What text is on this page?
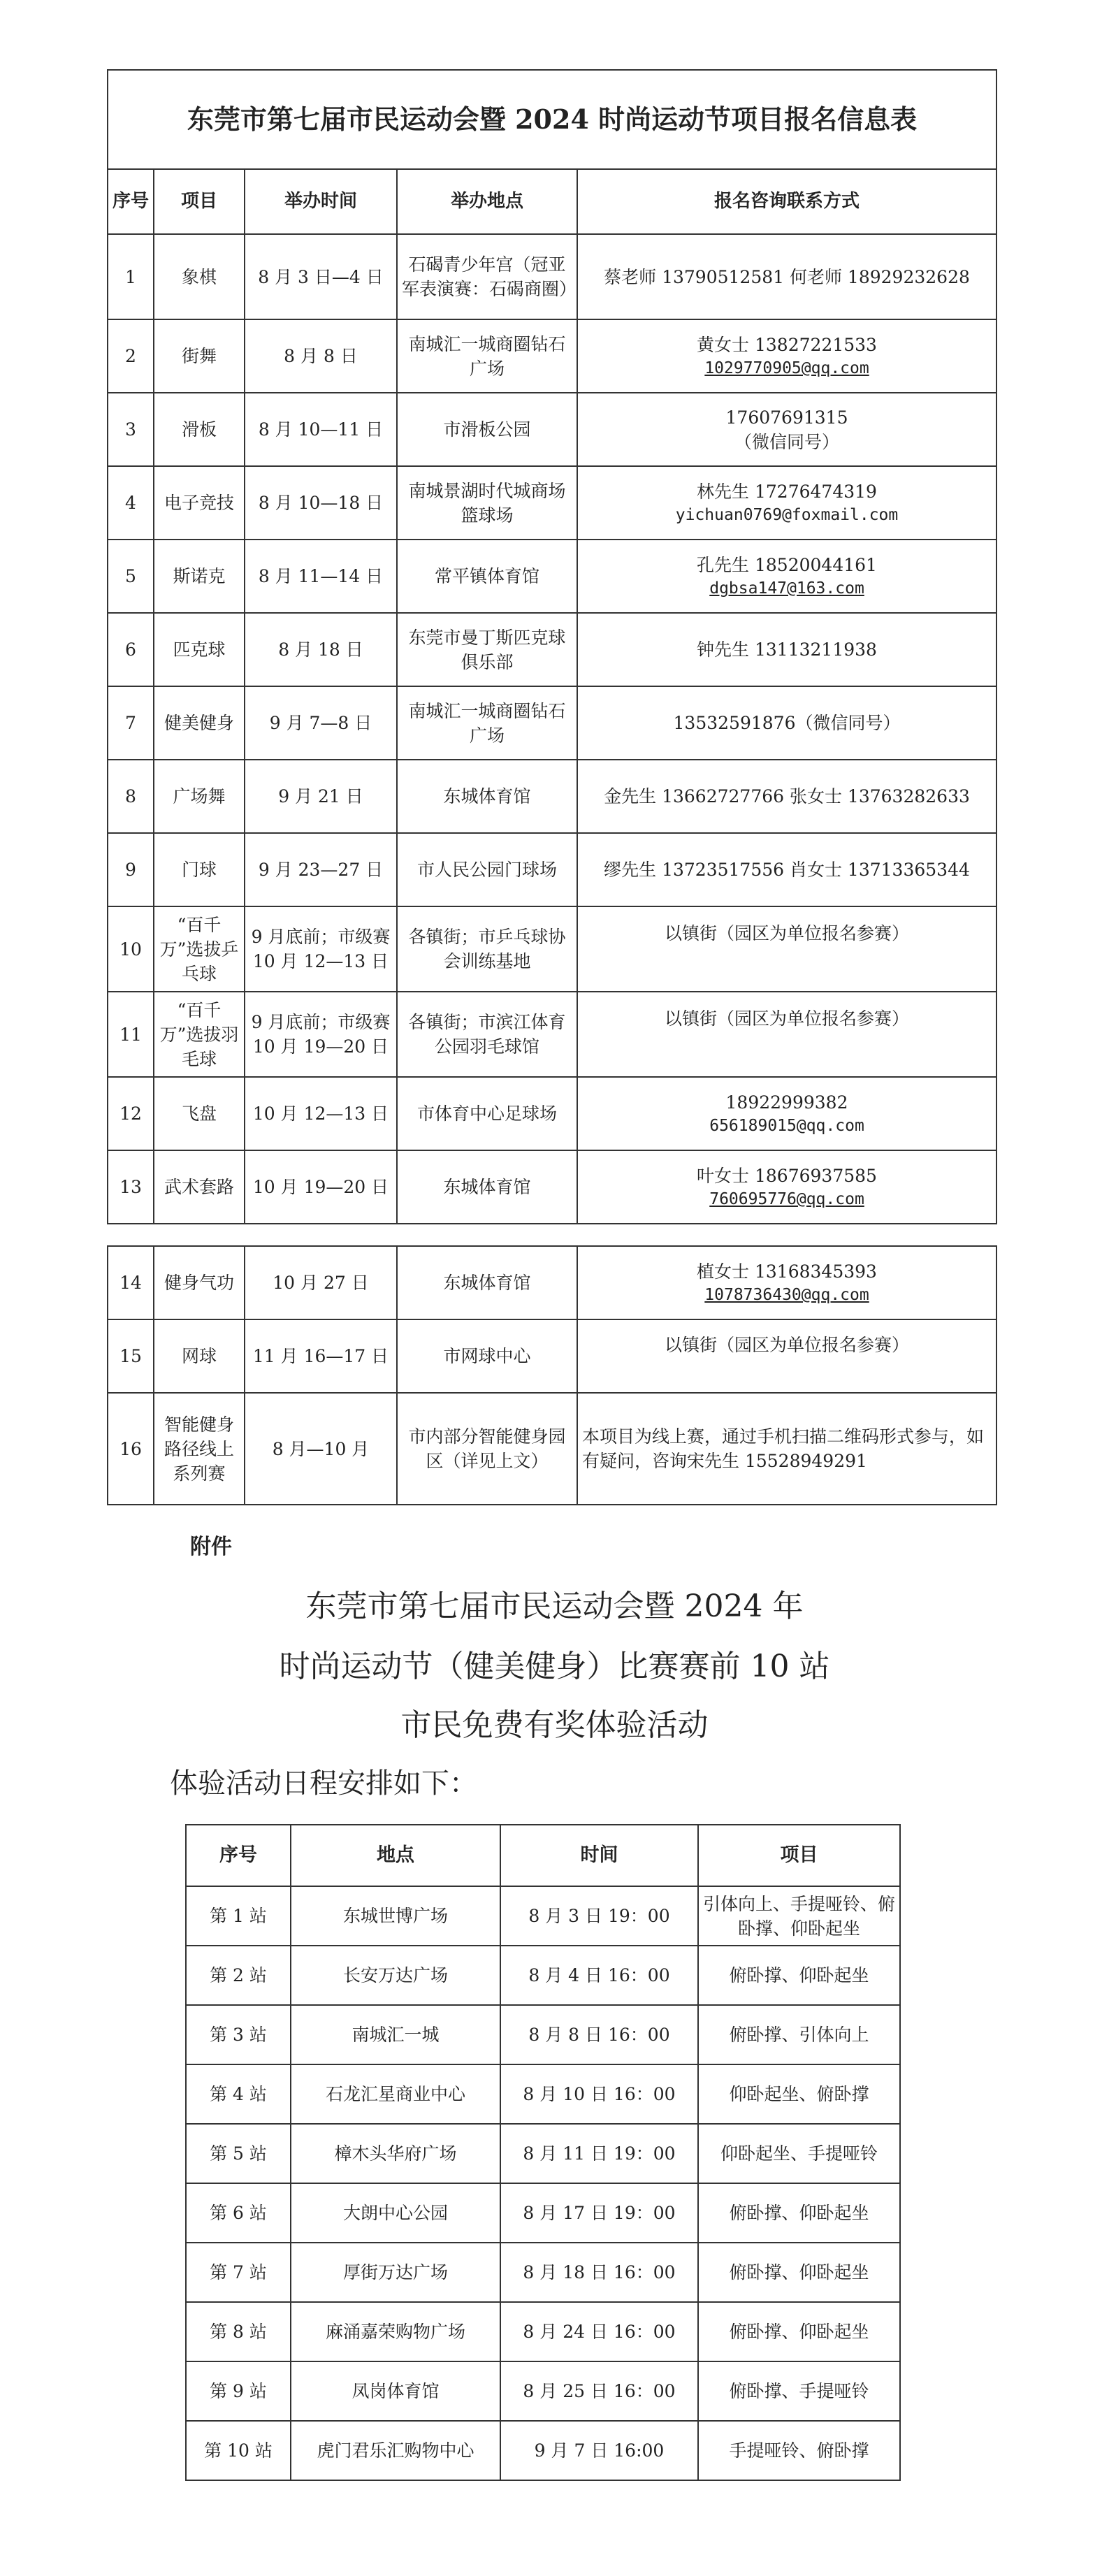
东莞市第七届市民运动会暨 2024 时尚运动节项目报名信息表				
序号	项目	举办时间	举办地点	报名咨询联系方式
1	象棋	8 月 3 日—4 日	石碣青少年宫（冠亚军表演赛：石碣商圈）	蔡老师 13790512581 何老师 18929232628

2	街舞	8 月 8 日	南城汇一城商圈钻石广场	黄女士 13827221533
1029770905@qq.com

3	滑板	8 月 10—11 日	市滑板公园	17607691315
（微信同号）

4	电子竞技	8 月 10—18 日	南城景湖时代城商场篮球场	林先生 17276474319
yichuan0769@foxmail.com

5	斯诺克	8 月 11—14 日	常平镇体育馆	孔先生 18520044161
dgbsa147@163.com

6	匹克球	8 月 18 日	东莞市曼丁斯匹克球俱乐部	钟先生 13113211938

7	健美健身	9 月 7—8 日	南城汇一城商圈钻石广场	13532591876（微信同号）

8	广场舞	9 月 21 日	东城体育馆	金先生 13662727766 张女士 13763282633

9	门球	9 月 23—27 日	市人民公园门球场	缪先生 13723517556 肖女士 13713365344

10	“百千万”选拔乒乓球	9 月底前；市级赛 10 月 12—13 日	各镇街；市乒乓球协会训练基地	以镇街（园区为单位报名参赛）

11	“百千万”选拔羽毛球	9 月底前；市级赛 10 月 19—20 日	各镇街；市滨江体育公园羽毛球馆	以镇街（园区为单位报名参赛）

12	飞盘	10 月 12—13 日	市体育中心足球场	18922999382
656189015@qq.com

13	武术套路	10 月 19—20 日	东城体育馆	叶女士 18676937585
760695776@qq.com
14	健身气功	10 月 27 日	东城体育馆	植女士 13168345393
1078736430@qq.com

15	网球	11 月 16—17 日	市网球中心	以镇街（园区为单位报名参赛）

16	智能健身路径线上系列赛	8 月—10 月	市内部分智能健身园区（详见上文）	本项目为线上赛，通过手机扫描二维码形式参与，如有疑问，咨询宋先生 15528949291
附件
东莞市第七届市民运动会暨 2024 年
时尚运动节（健美健身）比赛赛前 10 站
市民免费有奖体验活动
体验活动日程安排如下：
序号	地点	时间	项目
第 1 站	东城世博广场	8 月 3 日 19：00	引体向上、手提哑铃、俯卧撑、仰卧起坐
第 2 站	长安万达广场	8 月 4 日 16：00	俯卧撑、仰卧起坐
第 3 站	南城汇一城	8 月 8 日 16：00	俯卧撑、引体向上
第 4 站	石龙汇星商业中心	8 月 10 日 16：00	仰卧起坐、俯卧撑
第 5 站	樟木头华府广场	8 月 11 日 19：00	仰卧起坐、手提哑铃
第 6 站	大朗中心公园	8 月 17 日 19：00	俯卧撑、仰卧起坐
第 7 站	厚街万达广场	8 月 18 日 16：00	俯卧撑、仰卧起坐
第 8 站	麻涌嘉荣购物广场	8 月 24 日 16：00	俯卧撑、仰卧起坐
第 9 站	凤岗体育馆	8 月 25 日 16：00	俯卧撑、手提哑铃
第 10 站	虎门君乐汇购物中心	9 月 7 日 16:00	手提哑铃、俯卧撑
